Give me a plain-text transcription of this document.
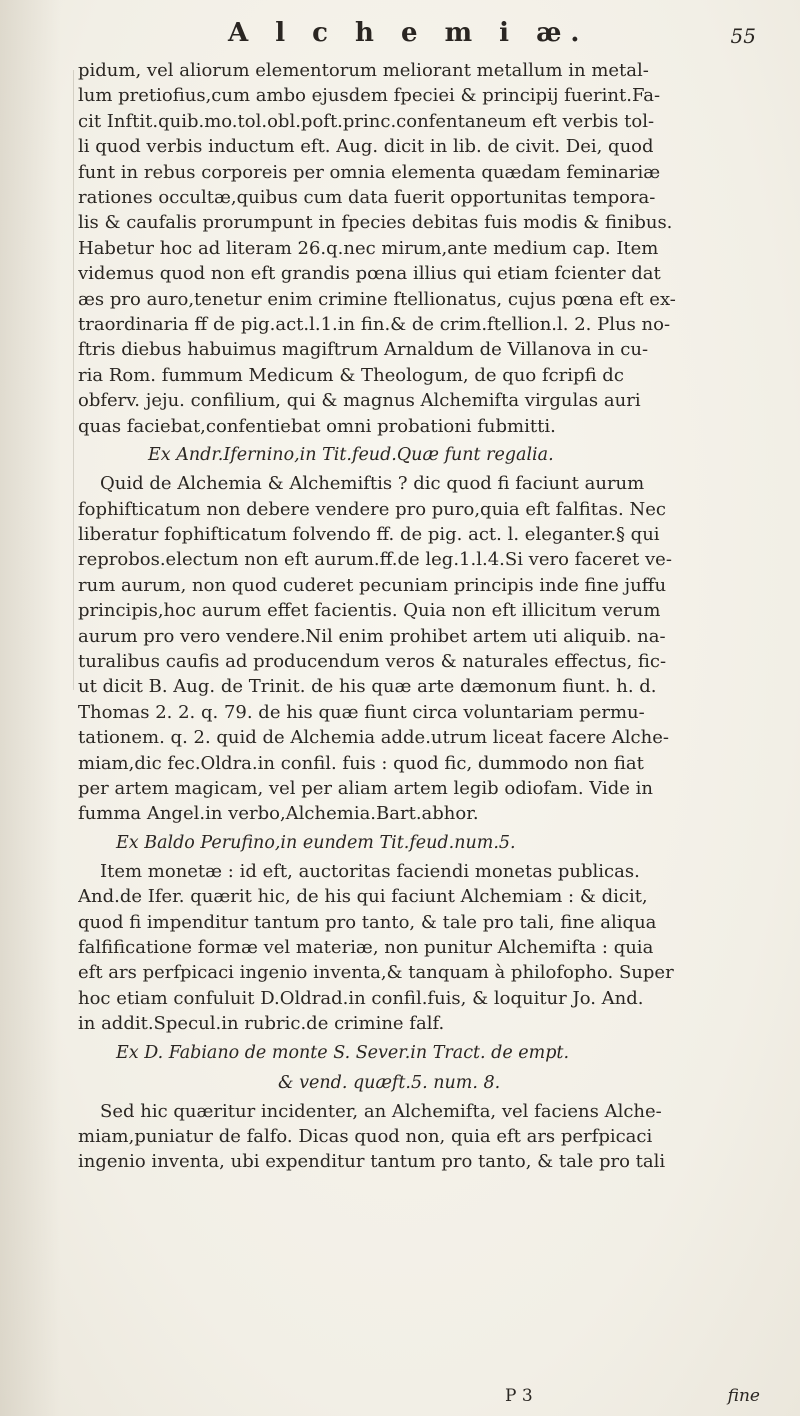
A l c h e m i æ.	55
pidum, vel aliorum elementorum meliorant metallum in metal-
lum pretiofius,cum ambo ejusdem fpeciei & principij fuerint.Fa-
cit Inftit.quib.mo.tol.obl.poft.princ.confentaneum eft verbis tol-
li quod verbis inductum eft. Aug. dicit in lib. de civit. Dei, quod
funt in rebus corporeis per omnia elementa quædam feminariæ
rationes occultæ,quibus cum data fuerit opportunitas tempora-
lis & caufalis prorumpunt in fpecies debitas fuis modis & finibus.
Habetur hoc ad literam 26.q.nec mirum,ante medium cap. Item
videmus quod non eft grandis pœna illius qui etiam fcienter dat
æs pro auro,tenetur enim crimine ftellionatus, cujus pœna eft ex-
traordinaria ff de pig.act.l.1.in fin.& de crim.ftellion.l. 2. Plus no-
ftris diebus habuimus magiftrum Arnaldum de Villanova in cu-
ria Rom. fummum Medicum & Theologum, de quo fcripfi dc
obferv. jeju. confilium, qui & magnus Alchemifta virgulas auri
quas faciebat,confentiebat omni probationi fubmitti.
Ex Andr.Ifernino,in Tit.feud.Quæ funt regalia.
Quid de Alchemia & Alchemiftis ? dic quod fi faciunt aurum
fophifticatum non debere vendere pro puro,quia eft falfitas. Nec
liberatur fophifticatum folvendo ff. de pig. act. l. eleganter.§ qui
reprobos.electum non eft aurum.ff.de leg.1.l.4.Si vero faceret ve-
rum aurum, non quod cuderet pecuniam principis inde fine juffu
principis,hoc aurum effet facientis. Quia non eft illicitum verum
aurum pro vero vendere.Nil enim prohibet artem uti aliquib. na-
turalibus caufis ad producendum veros & naturales effectus, fic-
ut dicit B. Aug. de Trinit. de his quæ arte dæmonum fiunt. h. d.
Thomas 2. 2. q. 79. de his quæ fiunt circa voluntariam permu-
tationem. q. 2. quid de Alchemia adde.utrum liceat facere Alche-
miam,dic fec.Oldra.in confil. fuis : quod fic, dummodo non fiat
per artem magicam, vel per aliam artem legib odiofam. Vide in
fumma Angel.in verbo,Alchemia.Bart.abhor.
Ex Baldo Perufino,in eundem Tit.feud.num.5.
Item monetæ : id eft, auctoritas faciendi monetas publicas.
And.de Ifer. quærit hic, de his qui faciunt Alchemiam : & dicit,
quod fi impenditur tantum pro tanto, & tale pro tali, fine aliqua
falfificatione formæ vel materiæ, non punitur Alchemifta : quia
eft ars perfpicaci ingenio inventa,& tanquam à philofopho. Super
hoc etiam confuluit D.Oldrad.in confil.fuis, & loquitur Jo. And.
in addit.Specul.in rubric.de crimine falf.
Ex D. Fabiano de monte S. Sever.in Tract. de empt.
& vend. quæft.5. num. 8.
Sed hic quæritur incidenter, an Alchemifta, vel faciens Alche-
miam,puniatur de falfo. Dicas quod non, quia eft ars perfpicaci
ingenio inventa, ubi expenditur tantum pro tanto, & tale pro tali
P 3	fine
